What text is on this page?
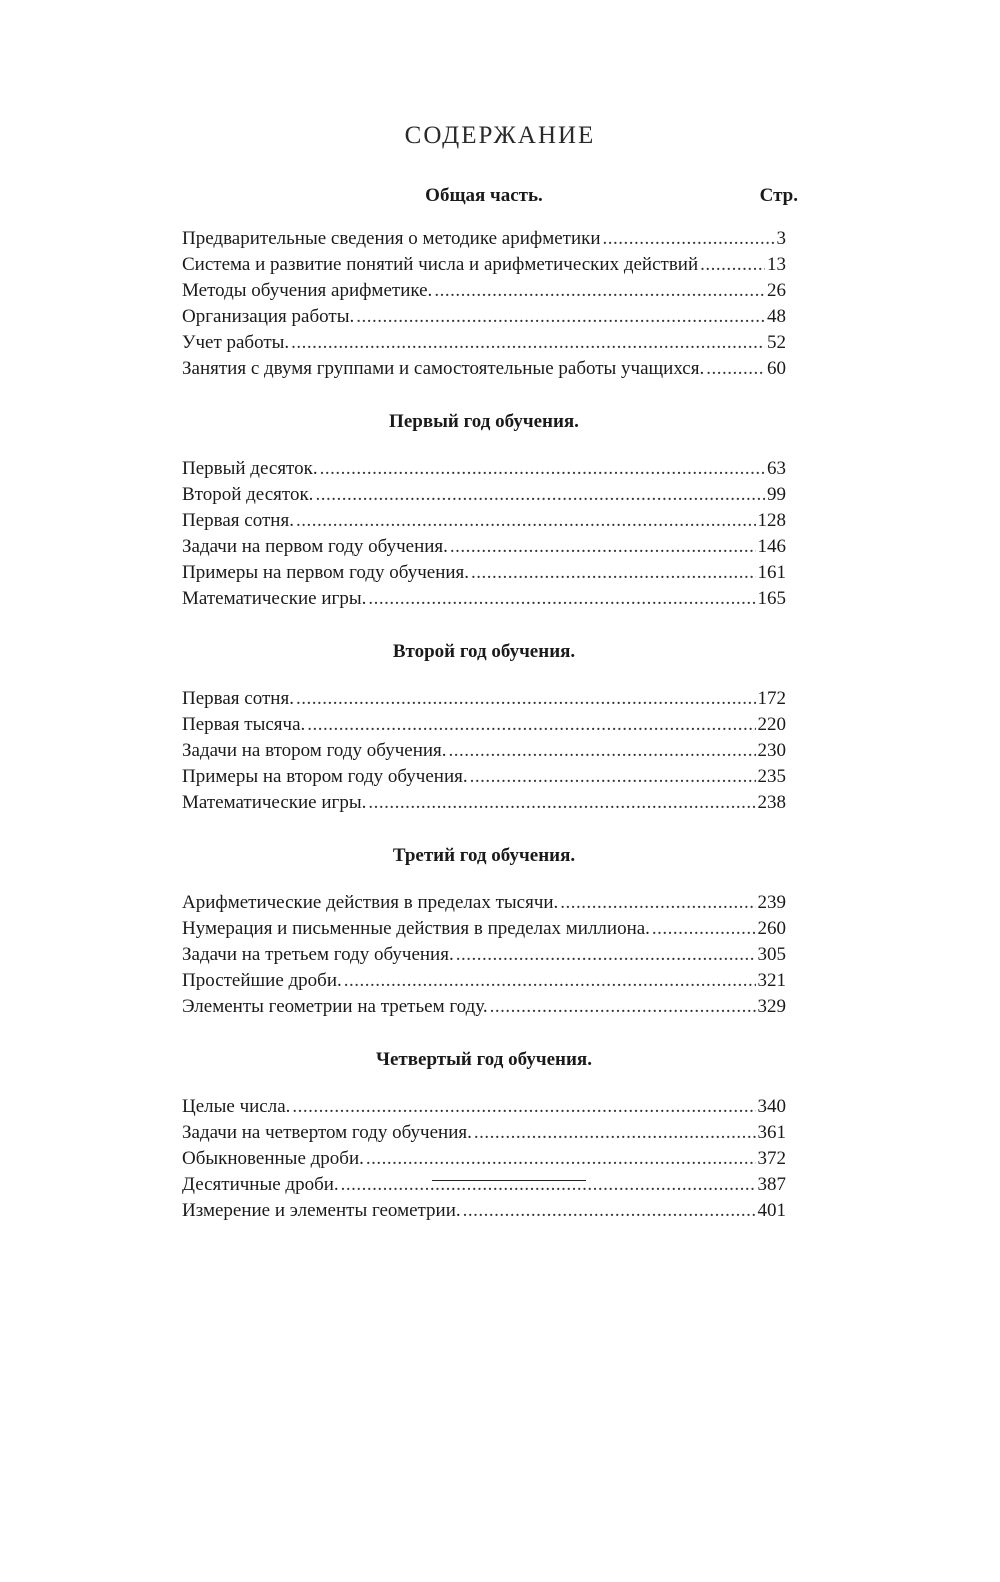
СОДЕРЖАНИЕ
Общая часть.	Стр.
Предварительные сведения о методике арифметики .....	3
Система и развитие понятий числа и арифметических действий .....	13
Методы обучения арифметике. .....	26
Организация работы. .....	48
Учет работы. .....	52
Занятия с двумя группами и самостоятельные работы учащихся. .....	60
Первый год обучения.
Первый десяток. .....	63
Второй десяток. .....	99
Первая сотня. .....	128
Задачи на первом году обучения. .....	146
Примеры на первом году обучения. .....	161
Математические игры. .....	165
Второй год обучения.
Первая сотня. .....	172
Первая тысяча. .....	220
Задачи на втором году обучения. .....	230
Примеры на втором году обучения. .....	235
Математические игры. .....	238
Третий год обучения.
Арифметические действия в пределах тысячи. .....	239
Нумерация и письменные действия в пределах миллиона. .....	260
Задачи на третьем году обучения. .....	305
Простейшие дроби. .....	321
Элементы геометрии на третьем году. .....	329
Четвертый год обучения.
Целые числа. .....	340
Задачи на четвертом году обучения. .....	361
Обыкновенные дроби. .....	372
Десятичные дроби. .....	387
Измерение и элементы геометрии. .....	401
